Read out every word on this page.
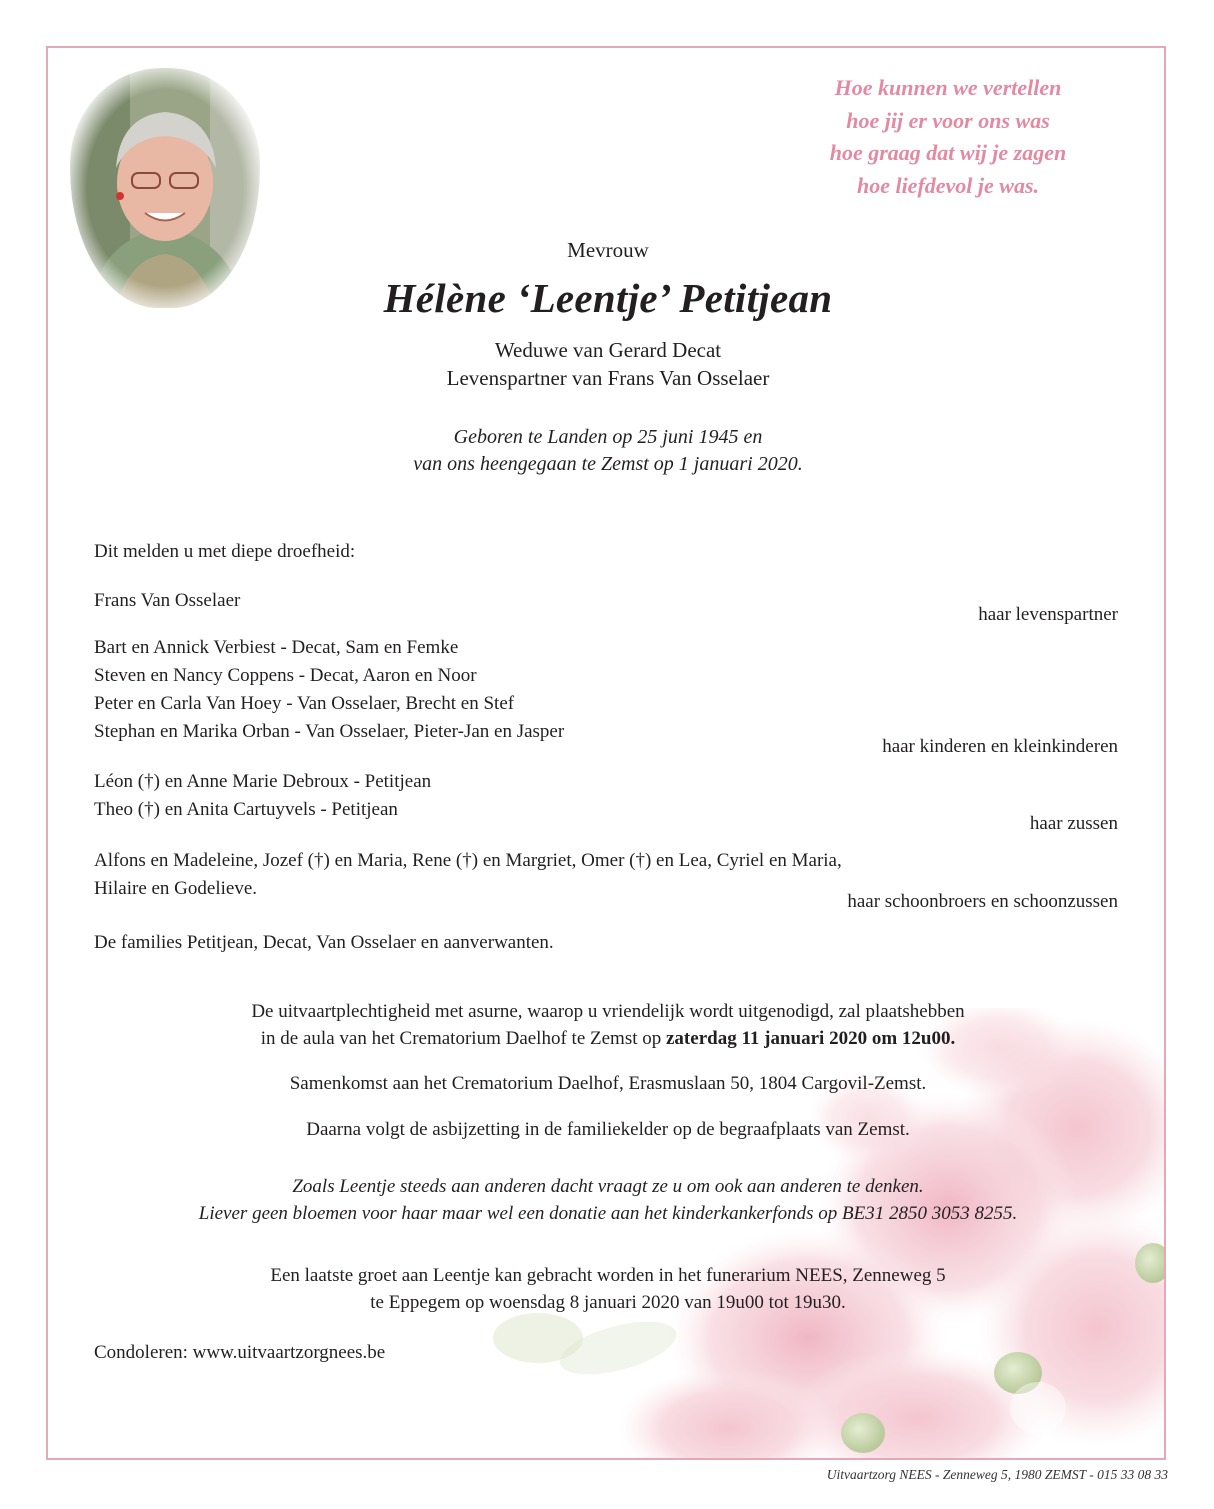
Hoe kunnen we vertellen
hoe jij er voor ons was
hoe graag dat wij je zagen
hoe liefdevol je was.
Mevrouw
Hélène ‘Leentje’ Petitjean
Weduwe van Gerard Decat
Levenspartner van Frans Van Osselaer
Geboren te Landen op 25 juni 1945 en
van ons heengegaan te Zemst op 1 januari 2020.
Dit melden u met diepe droefheid:
Frans Van Osselaer
haar levenspartner
Bart en Annick Verbiest - Decat, Sam en Femke
Steven en Nancy Coppens - Decat, Aaron en Noor
Peter en Carla Van Hoey - Van Osselaer, Brecht en Stef
Stephan en Marika Orban - Van Osselaer, Pieter-Jan en Jasper
haar kinderen en kleinkinderen
Léon (†) en Anne Marie Debroux - Petitjean
Theo (†) en Anita Cartuyvels - Petitjean
haar zussen
Alfons en Madeleine, Jozef (†) en Maria, Rene (†) en Margriet, Omer (†) en Lea, Cyriel en Maria,
Hilaire en Godelieve.
haar schoonbroers en schoonzussen
De families Petitjean, Decat, Van Osselaer en aanverwanten.
De uitvaartplechtigheid met asurne, waarop u vriendelijk wordt uitgenodigd, zal plaatshebben
in de aula van het Crematorium Daelhof te Zemst op zaterdag 11 januari 2020 om 12u00.
Samenkomst aan het Crematorium Daelhof, Erasmuslaan 50, 1804 Cargovil-Zemst.
Daarna volgt de asbijzetting in de familiekelder op de begraafplaats van Zemst.
Zoals Leentje steeds aan anderen dacht vraagt ze u om ook aan anderen te denken.
Liever geen bloemen voor haar maar wel een donatie aan het kinderkankerfonds op BE31 2850 3053 8255.
Een laatste groet aan Leentje kan gebracht worden in het funerarium NEES, Zenneweg 5
te Eppegem op woensdag 8 januari 2020 van 19u00 tot 19u30.
Condoleren: www.uitvaartzorgnees.be
Uitvaartzorg NEES - Zenneweg 5, 1980 ZEMST - 015 33 08 33
